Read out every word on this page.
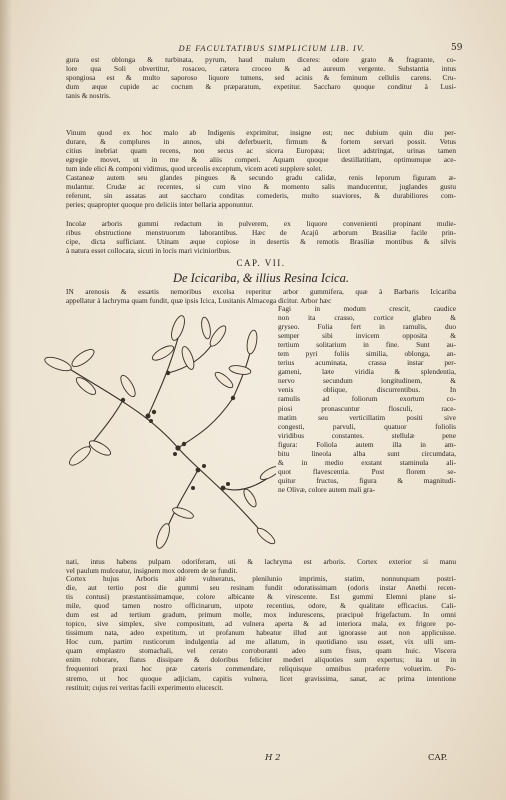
DE FACULTATIBUS SIMPLICIUM LIB. IV.	59
gura est oblonga & turbinata, pyrum, haud malum diceres: odore grato & fragrante, co-
lore qua Soli obvertitur, rosaceo, cætera croceo & ad aureum vergente. Substantia intus
spongiosa est & multo saporoso liquore tumens, sed acinis & feminum cellulis carens. Cru-
dum æque cupide ac coctum & præparatum, expetitur. Saccharo quoque conditur à Lusi-
tanis & nostris.
Vinum quod ex hoc malo ab Indigenis exprimitur, insigne est; nec dubium quin diu per-
durare, & complures in annos, ubi deferbuerit, firmum & fortem servari possit. Vetus
citius inebriat quam recens, non secus ac sicera Europæa; licet adstringat, urinas tamen
egregie movet, ut in me & aliis comperi. Aquam quoque destillatitiam, optimumque ace-
tum inde elici & componi vidimus, quod urceolis exceptum, vicem aceti supplere solet.
Castaneæ autem seu glandes pingues & secundo gradu calidæ, renis leporum figuram æ-
mulantur. Crudæ ac recentes, si cum vino & momento salis manducentur, juglandes gustu
referunt, sin assatas aut saccharo conditas comederis, multo suaviores, & durabiliores com-
peries; quapropter quoque pro deliciis inter bellaria apponuntur.
Incolæ arboris gummi redactum in pulverem, ex liquore convenienti propinant mulie-
ribus obstructione menstruorum laborantibus. Hæc de Acajû arborum Brasiliæ facile prin-
cipe, dicta sufficiant. Utinam æque copiose in desertis & remotis Brasiliæ montibus & silvis
à natura esset collocata, sicuti in locis mari vicinioribus.
CAP. VII.
De Icicariba, & illius Resina Icica.
IN arenosis & essætis nemoribus excelsa reperitur arbor gummifera, quæ à Barbaris Icicariba
appellatur à lachryma quam fundit, quæ ipsis Icica, Lusitanis Almacega dicitur. Arbor hæc
Fagi in modum crescit, caudice
non ita crasso, cortice glabro &
gryseo. Folia fert in ramulis, duo
semper sibi invicem opposita &
tertium solitarium in fine. Sunt au-
tem pyri foliis similia, oblonga, an-
terius acuminata, crassa instar per-
gameni, læte viridia & splendentia,
nervo secundum longitudinem, &
venis oblique, discurrentibus. In
ramulis ad foliorum exortum co-
piosi pronascuntur flosculi, race-
matim seu verticillatim positi sive
congesti, parvuli, quatuor foliolis
viridibus constantes. stellulæ pene
figura: Foliola autem illa in am-
bitu lineola alba sunt circumdata,
& in medio exstant staminula ali-
quot flavescentia. Post florem se-
quitur fructus, figura & magnitudi-
ne Olivæ, colore autem mali gra-
nati, intus habens pulpam odoriferam, uti & lachryma est arboris. Cortex exterior si manu
vel paulum mulceatur, insignem mox odorem de se fundit.
Cortex hujus Arboris altè vulneratus, plenilunio imprimis, statim, nonnunquam postri-
die, aut tertio post die gummi seu resinam fundit odoratissimam (odoris instar Anethi recen-
tis contusi) præstantissimamque, colore albicante & virescente. Est gummi Elemni plane si-
mile, quod tamen nostro officinarum, utpote recentius, odore, & qualitate efficacius. Cali-
dum est ad tertium gradum, primum molle, mox indurescens, præcipuè frigefactum. In omni
topico, sive simplex, sive compositum, ad vulnera aperta & ad interiora mala, ex frigore po-
tissimum nata, adeo expetitum, ut profanum habeatur illud aut ignorasse aut non applicuisse.
Hoc cum, partim rusticorum indulgentia ad me allatum, in quotidiano usu esset, vix ulli um-
quam emplastro stomachali, vel cerato corroboranti adeo sum fisus, quam huic. Viscera
enim roborare, flatus dissipare & doloribus feliciter mederi aliquoties sum expertus; ita ut in
frequentori praxi hoc præ cæteris commendare, reliquisque omnibus præferre voluerim. Po-
stremo, ut hoc quoque adjiciam, capitis vulnera, licet gravissima, sanat, ac prima intentione
restituit; cujus rei veritas facili experimento elucescit.
H 2	CAP.
